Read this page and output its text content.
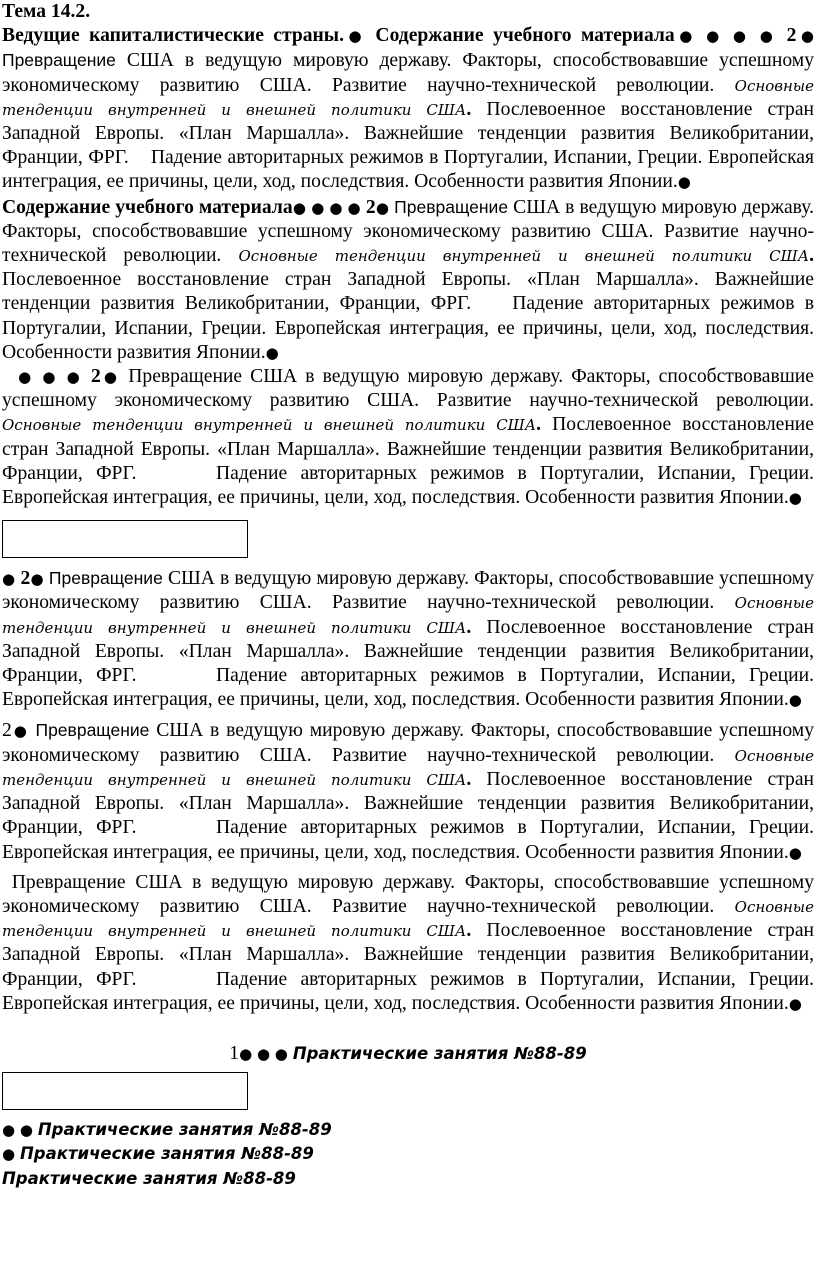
Тема 14.2.
Ведущие капиталистические страны.● Содержание учебного материала● ● ● ● 2● Превращение США в ведущую мировую державу. Факторы, способствовавшие успешному экономическому развитию США. Развитие научно-технической революции. Основные тенденции внутренней и внешней политики США. Послевоенное восстановление стран Западной Европы. «План Маршалла». Важнейшие тенденции развития Великобритании, Франции, ФРГ. Падение авторитарных режимов в Португалии, Испании, Греции. Европейская интеграция, ее причины, цели, ход, последствия. Особенности развития Японии.●

Содержание учебного материала● ● ● ● 2● Превращение США в ведущую мировую державу. Факторы, способствовавшие успешному экономическому развитию США. Развитие научно-технической революции. Основные тенденции внутренней и внешней политики США. Послевоенное восстановление стран Западной Европы. «План Маршалла». Важнейшие тенденции развития Великобритании, Франции, ФРГ. Падение авторитарных режимов в Португалии, Испании, Греции. Европейская интеграция, ее причины, цели, ход, последствия. Особенности развития Японии.●

● ● ● 2● Превращение США в ведущую мировую державу. Факторы, способствовавшие успешному экономическому развитию США. Развитие научно-технической революции. Основные тенденции внутренней и внешней политики США. Послевоенное восстановление стран Западной Европы. «План Маршалла». Важнейшие тенденции развития Великобритании, Франции, ФРГ.	Падение авторитарных режимов в Португалии, Испании, Греции. Европейская интеграция, ее причины, цели, ход, последствия. Особенности развития Японии.●

● 2● Превращение США в ведущую мировую державу. Факторы, способствовавшие успешному экономическому развитию США. Развитие научно-технической революции. Основные тенденции внутренней и внешней политики США. Послевоенное восстановление стран Западной Европы. «План Маршалла». Важнейшие тенденции развития Великобритании, Франции, ФРГ.	Падение авторитарных режимов в Португалии, Испании, Греции. Европейская интеграция, ее причины, цели, ход, последствия. Особенности развития Японии.●

2● Превращение США в ведущую мировую державу. Факторы, способствовавшие успешному экономическому развитию США. Развитие научно-технической революции. Основные тенденции внутренней и внешней политики США. Послевоенное восстановление стран Западной Европы. «План Маршалла». Важнейшие тенденции развития Великобритании, Франции, ФРГ.	Падение авторитарных режимов в Португалии, Испании, Греции. Европейская интеграция, ее причины, цели, ход, последствия. Особенности развития Японии.●

Превращение США в ведущую мировую державу. Факторы, способствовавшие успешному экономическому развитию США. Развитие научно-технической революции. Основные тенденции внутренней и внешней политики США. Послевоенное восстановление стран Западной Европы. «План Маршалла». Важнейшие тенденции развития Великобритании, Франции, ФРГ.	Падение авторитарных режимов в Португалии, Испании, Греции. Европейская интеграция, ее причины, цели, ход, последствия. Особенности развития Японии.●

1● ● ● Практические занятия №88-89

● ● Практические занятия №88-89

● Практические занятия №88-89

Практические занятия №88-89
